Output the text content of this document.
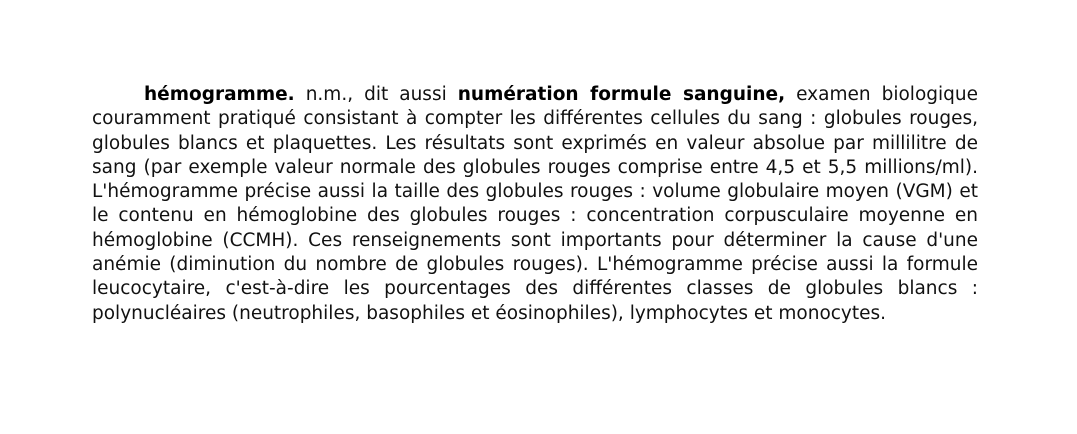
hémogramme. n.m., dit aussi numération formule sanguine, examen biologique couramment pratiqué consistant à compter les différentes cellules du sang : globules rouges, globules blancs et plaquettes. Les résultats sont exprimés en valeur absolue par millilitre de sang (par exemple valeur normale des globules rouges comprise entre 4,5 et 5,5 millions/ml). L'hémogramme précise aussi la taille des globules rouges : volume globulaire moyen (VGM) et le contenu en hémoglobine des globules rouges : concentration corpusculaire moyenne en hémoglobine (CCMH). Ces renseignements sont importants pour déterminer la cause d'une anémie (diminution du nombre de globules rouges). L'hémogramme précise aussi la formule leucocytaire, c'est-à-dire les pourcentages des différentes classes de globules blancs : polynucléaires (neutrophiles, basophiles et éosinophiles), lymphocytes et monocytes.
